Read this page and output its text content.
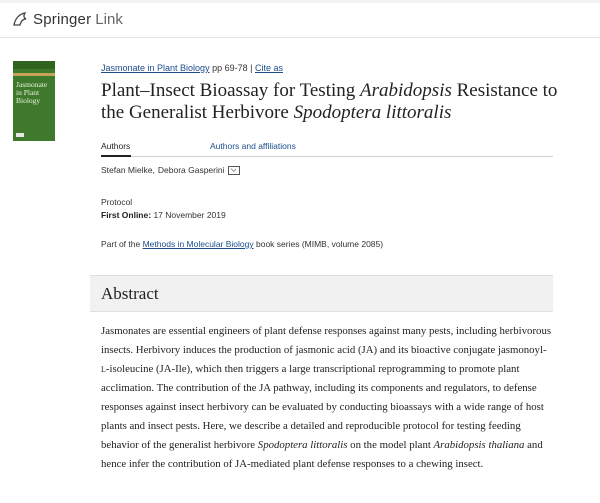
Springer Link
Jasmonate in Plant Biology
Jasmonate in Plant Biology pp 69-78 | Cite as
Plant–Insect Bioassay for Testing Arabidopsis Resistance to the Generalist Herbivore Spodoptera littoralis
Authors	Authors and affiliations
Stefan Mielke, Debora Gasperini
Protocol
First Online: 17 November 2019
Part of the Methods in Molecular Biology book series (MIMB, volume 2085)
Abstract
Jasmonates are essential engineers of plant defense responses against many pests, including herbivorous insects. Herbivory induces the production of jasmonic acid (JA) and its bioactive conjugate jasmonoyl-L-isoleucine (JA-Ile), which then triggers a large transcriptional reprogramming to promote plant acclimation. The contribution of the JA pathway, including its components and regulators, to defense responses against insect herbivory can be evaluated by conducting bioassays with a wide range of host plants and insect pests. Here, we describe a detailed and reproducible protocol for testing feeding behavior of the generalist herbivore Spodoptera littoralis on the model plant Arabidopsis thaliana and hence infer the contribution of JA-mediated plant defense responses to a chewing insect.
